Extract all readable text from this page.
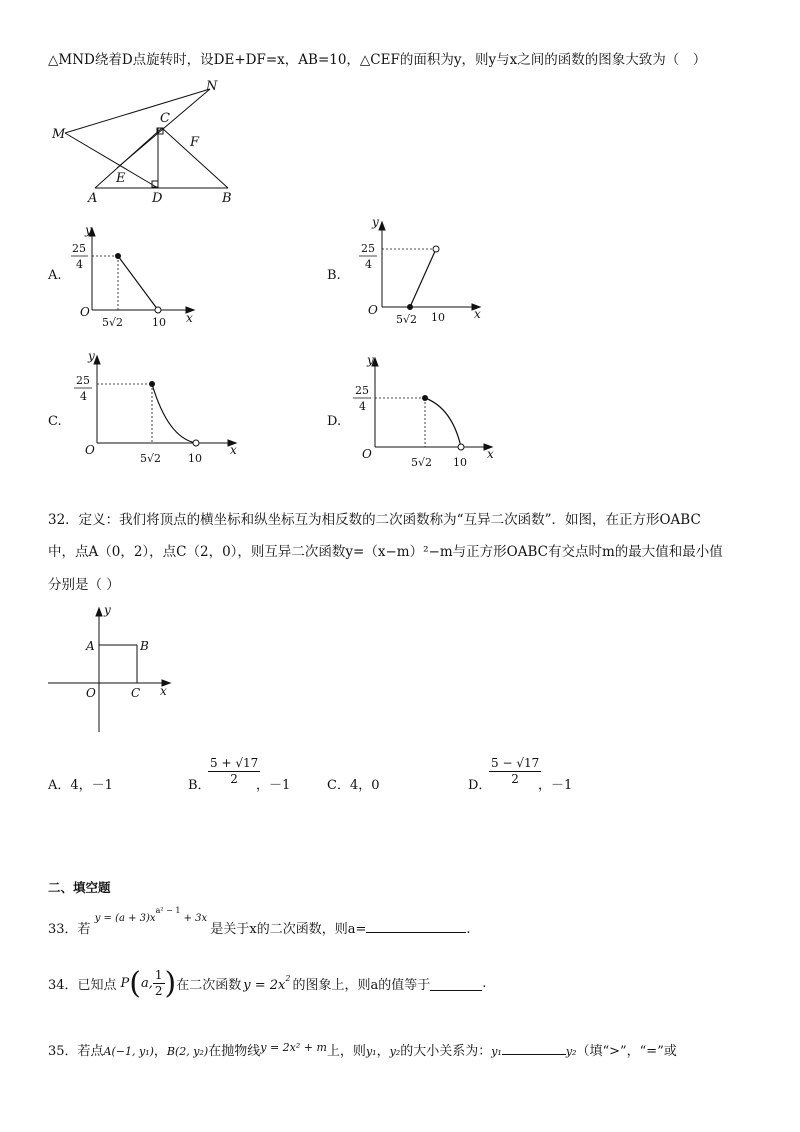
△MND绕着D点旋转时，设DE+DF=x，AB=10，△CEF的面积为y，则y与x之间的函数的图象大致为（　）
M
N
C
F
E
A	D	B
A.
y
25
4
O
5√2	10 x
B.
y
25
4
O
5√2 10 x
C.
y
25
4
O
5√2 10
x
D.
y
25
4
O
5√2 10
x
32．定义：我们将顶点的横坐标和纵坐标互为相反数的二次函数称为“互异二次函数”．如图，在正方形OABC
中，点A（0，2），点C（2，0），则互异二次函数y=（x−m）²−m与正方形OABC有交点时m的最大值和最小值
分别是（ ）
y
A	B
O	C x
A．4，－1	B．
$\frac{5 + √17}{2}$
，－1	C．4，0	D．
$\frac{5 - √17}{2}$
，－1
二、填空题
33．若 $^{y = (a + 3)x^{a^2 - 1} + 3x}$ 是关于x的二次函数，则a=	.
34．已知点 P ( a, $\frac{1}{2}$ ) 在二次函数 $y = 2x^2$ 的图象上，则a的值等于	.
35．若点A(−1, y₁)，B(2, y₂)在抛物线$^{y = 2x^2 + m}$上，则y₁，y₂的大小关系为：y₁	y₂（填“>”，“=”或
